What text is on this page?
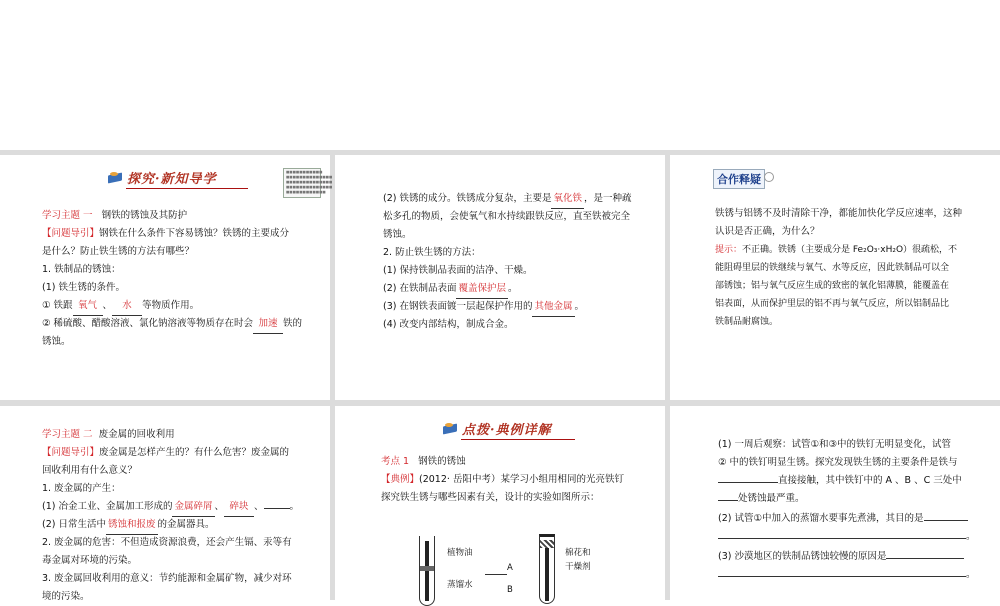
探究·新知导学	■■■■■■■■■■■
■■■■■■■■■■■■■■
■■■■■■■■■■■■■■
■■■■■■■■■■■■■■
■■■■■■■■■■■■
学习主题 一 钢铁的锈蚀及其防护
【问题导引】钢铁在什么条件下容易锈蚀？铁锈的主要成分
是什么？防止铁生锈的方法有哪些？
1. 铁制品的锈蚀：
(1) 铁生锈的条件。
① 铁跟 氧气 、 水 等物质作用。
② 稀硫酸、醋酸溶液、氯化钠溶液等物质存在时会 加速 铁的
锈蚀。
(2) 铁锈的成分。铁锈成分复杂，主要是 氧化铁 ，是一种疏
松多孔的物质，会使氧气和水持续跟铁反应，直至铁被完全
锈蚀。
2. 防止铁生锈的方法：
(1) 保持铁制品表面的洁净、干燥。
(2) 在铁制品表面 覆盖保护层 。
(3) 在钢铁表面镀一层起保护作用的 其他金属 。
(4) 改变内部结构，制成合金。
合作释疑
铁锈与铝锈不及时清除干净，都能加快化学反应速率，这种
认识是否正确，为什么？
提示：不正确。铁锈（主要成分是 Fe₂O₃·xH₂O）很疏松，不
能阻碍里层的铁继续与氧气、水等反应，因此铁制品可以全
部锈蚀；铝与氧气反应生成的致密的氧化铝薄膜，能覆盖在
铝表面，从而保护里层的铝不再与氧气反应，所以铝制品比
铁制品耐腐蚀。
学习主题 二 废金属的回收利用
【问题导引】废金属是怎样产生的？有什么危害？废金属的
回收利用有什么意义？
1. 废金属的产生：
(1) 冶金工业、金属加工形成的 金属碎屑 、 碎块 、	。
(2) 日常生活中 锈蚀和报废 的金属器具。
2. 废金属的危害：不但造成资源浪费，还会产生镉、汞等有
毒金属对环境的污染。
3. 废金属回收利用的意义：节约能源和金属矿物，减少对环
境的污染。
点拨·典例详解
考点 1 钢铁的锈蚀
【典例】(2012· 岳阳中考）某学习小组用相同的光亮铁钉
探究铁生锈与哪些因素有关，设计的实验如图所示：
植物油
A
蒸馏水	B
棉花和
干燥剂
(1) 一周后观察：试管①和③中的铁钉无明显变化，试管
② 中的铁钉明显生锈。探究发现铁生锈的主要条件是铁与
直接接触，其中铁钉中的 A 、B 、C 三处中
处锈蚀最严重。
(2) 试管①中加入的蒸馏水要事先煮沸，其目的是
。
(3) 沙漠地区的铁制品锈蚀较慢的原因是
。
